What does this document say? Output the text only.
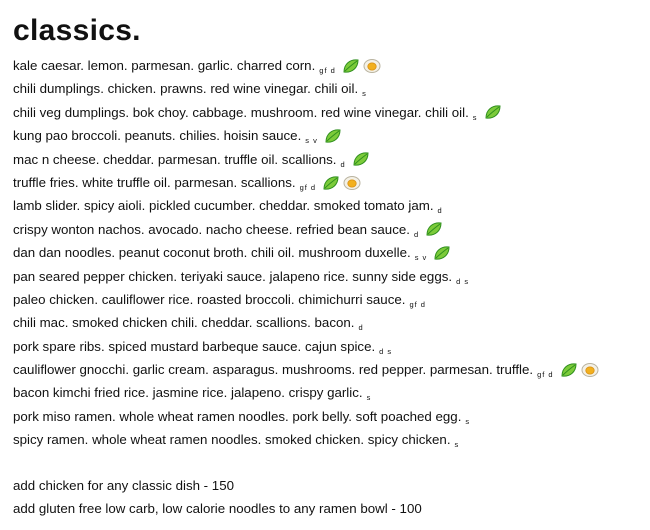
classics.
kale caesar. lemon. parmesan. garlic. charred corn. gf d
chili dumplings. chicken. prawns. red wine vinegar. chili oil. s
chili veg dumplings. bok choy. cabbage. mushroom. red wine vinegar. chili oil. s
kung pao broccoli. peanuts. chilies. hoisin sauce. s v
mac n cheese. cheddar. parmesan. truffle oil. scallions. d
truffle fries. white truffle oil. parmesan. scallions. gf d
lamb slider. spicy aioli. pickled cucumber. cheddar. smoked tomato jam. d
crispy wonton nachos. avocado. nacho cheese. refried bean sauce. d
dan dan noodles. peanut coconut broth. chili oil. mushroom duxelle. s v
pan seared pepper chicken. teriyaki sauce. jalapeno rice. sunny side eggs. d s
paleo chicken. cauliflower rice. roasted broccoli. chimichurri sauce. gf d
chili mac. smoked chicken chili. cheddar. scallions. bacon. d
pork spare ribs. spiced mustard barbeque sauce. cajun spice. d s
cauliflower gnocchi. garlic cream. asparagus. mushrooms. red pepper. parmesan. truffle. gf d
bacon kimchi fried rice. jasmine rice. jalapeno. crispy garlic. s
pork miso ramen. whole wheat ramen noodles. pork belly. soft poached egg. s
spicy ramen. whole wheat ramen noodles. smoked chicken. spicy chicken. s
add chicken for any classic dish - 150
add gluten free low carb, low calorie noodles to any ramen bowl - 100
